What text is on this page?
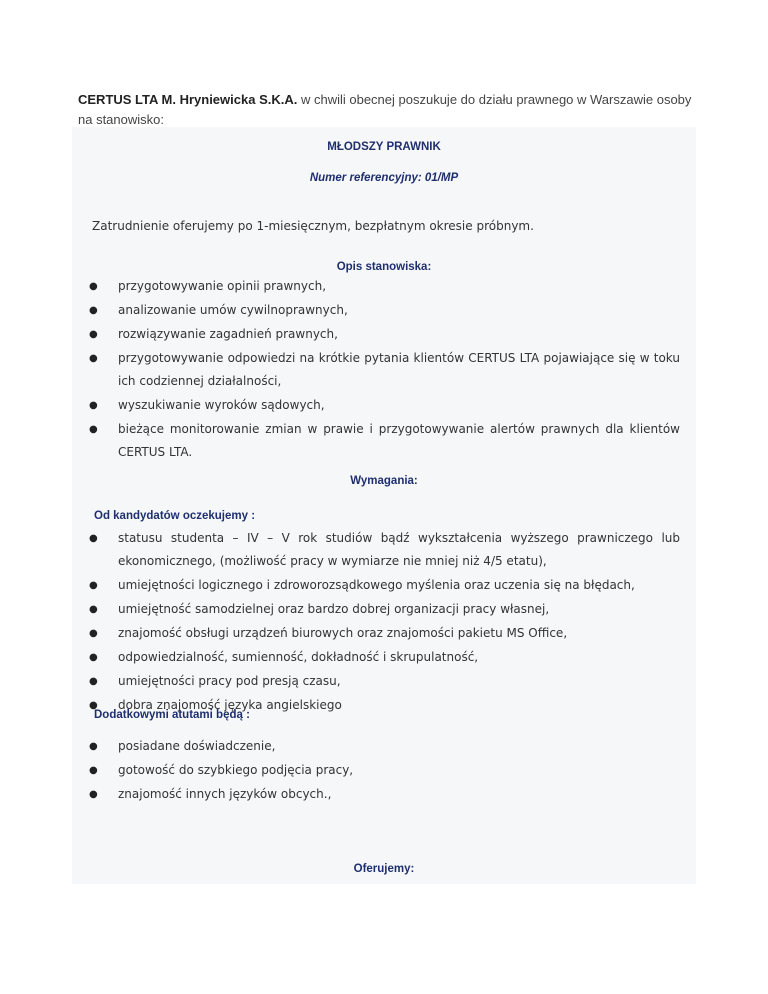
CERTUS LTA M. Hryniewicka S.K.A. w chwili obecnej poszukuje do działu prawnego w Warszawie osoby na stanowisko:

MŁODSZY PRAWNIK
Numer referencyjny: 01/MP
Zatrudnienie oferujemy po 1-miesięcznym, bezpłatnym okresie próbnym.
Opis stanowiska:
● przygotowywanie opinii prawnych,
● analizowanie umów cywilnoprawnych,
● rozwiązywanie zagadnień prawnych,
● przygotowywanie odpowiedzi na krótkie pytania klientów CERTUS LTA pojawiające się w toku ich codziennej działalności,
● wyszukiwanie wyroków sądowych,
● bieżące monitorowanie zmian w prawie i przygotowywanie alertów prawnych dla klientów CERTUS LTA.
Wymagania:
Od kandydatów oczekujemy :
● statusu studenta – IV – V rok studiów bądź wykształcenia wyższego prawniczego lub ekonomicznego, (możliwość pracy w wymiarze nie mniej niż 4/5 etatu),
● umiejętności logicznego i zdroworozsądkowego myślenia oraz uczenia się na błędach,
● umiejętność samodzielnej oraz bardzo dobrej organizacji pracy własnej,
● znajomość obsługi urządzeń biurowych oraz znajomości pakietu MS Office,
● odpowiedzialność, sumienność, dokładność i skrupulatność,
● umiejętności pracy pod presją czasu,
● dobra znajomość języka angielskiego
Dodatkowymi atutami będą :
● posiadane doświadczenie,
● gotowość do szybkiego podjęcia pracy,
● znajomość innych języków obcych.,
Oferujemy:
